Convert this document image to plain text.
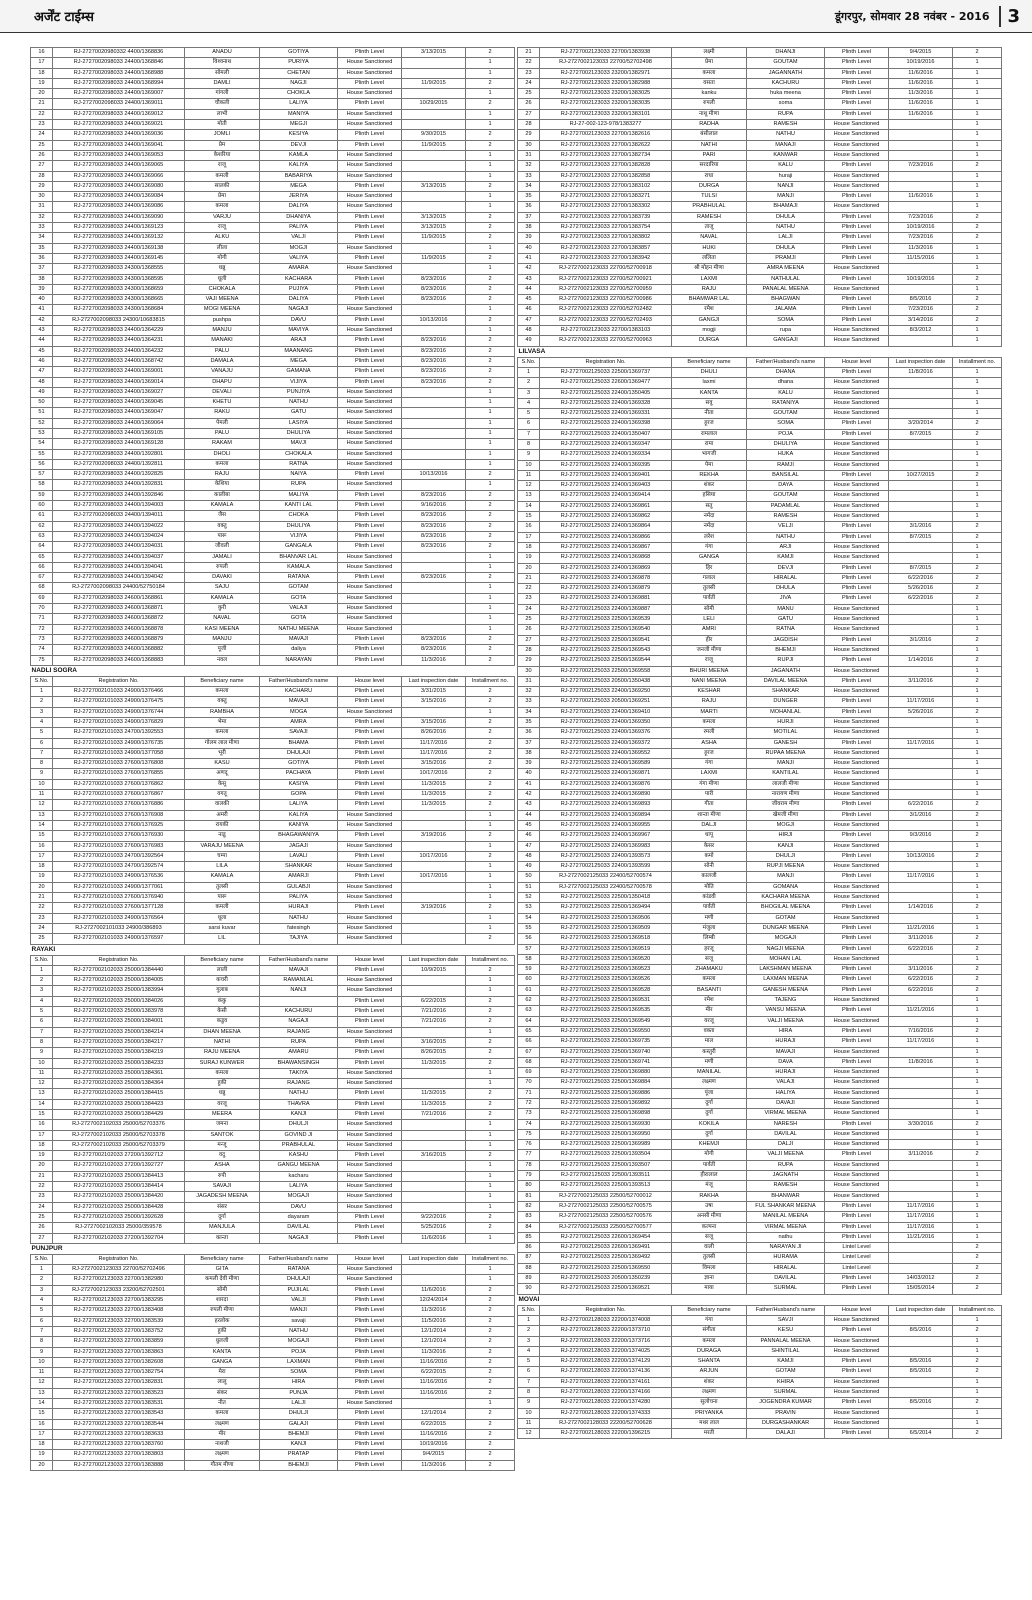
अर्जेंट टाईम्स	डूंगरपुर, सोमवार 28 नवंबर - 2016	3
16	RJ-27270020980332 4400/1368836	ANADU	GOTIYA	Plinth Level	3/13/2015	2
17	RJ-2727002098033 24400/1368846	विश्वनाथ	PURIYA	House Sanctioned		1
18	RJ-2727002098033 24400/1368988	सोमली	CHETAN	House Sanctioned		1
19	RJ-2727002098033 24400/1368994	DAMLI	NAGJI	Plinth Level	11/9/2015	2
20	RJ-2727002098033 24400/1369007	गांगली	CHOKLA	House Sanctioned		1
21	RJ-2727002098033 24400/1369011	चौकली	LALIYA	Plinth Level	10/29/2015	2
22	RJ-2727002098033 24400/1369012	लाभी	MANIYA	House Sanctioned		1
23	RJ-2727002098033 24400/1369021	मोती	MEGJI	House Sanctioned		1
24	RJ-2727002098033 24400/1369036	JOMLI	KESIYA	Plinth Level	9/30/2015	2
25	RJ-2727002098033 24400/1369041	प्रेम	DEVJI	Plinth Level	11/9/2015	2
26	RJ-2727002098033 24400/1369053	केशरिया	KAMLA	House Sanctioned		1
27	RJ-2727002098033 24400/1369065	राजू	KALIYA	House Sanctioned		1
28	RJ-2727002098033 24400/1369066	कमली	BABARIYA	House Sanctioned		1
29	RJ-2727002098033 24400/1369080	सालकी	MEGA	Plinth Level	3/13/2015	2
30	RJ-2727002098033 24400/1369084	प्रेमा	JERIYA	House Sanctioned		1
31	RJ-2727002098033 24400/1369086	कमला	DALIYA	House Sanctioned		1
32	RJ-2727002098033 24400/1369090	VARJU	DHANIYA	Plinth Level	3/13/2015	2
33	RJ-2727002098033 24400/1369123	राजू	PALIYA	Plinth Level	3/13/2015	2
34	RJ-2727002098033 24400/1369132	ALKU	VALJI	Plinth Level	11/9/2015	2
35	RJ-2727002098033 24400/1369138	लीला	MOGJI	House Sanctioned		1
36	RJ-2727002098033 24400/1369145	मोगी	VALIYA	Plinth Level	11/9/2015	2
37	RJ-2727002098033 24300/1368555	धन्नु	AMARA	House Sanctioned		1
38	RJ-2727002098033 24300/1368595	धूली	KACHARA	Plinth Level	8/23/2016	2
39	RJ-2727002098033 24300/1368659	CHOKALA	PUJIYA	Plinth Level	8/23/2016	2
40	RJ-2727002098033 24300/1368665	VAJI MEENA	DALIYA	Plinth Level	8/23/2016	2
41	RJ-2727002098033 24300/1368684	MOGI MEENA	NAGAJI	House Sanctioned		1
42	RJ-2727002098033 24300/10683815	pushpa	DAVU	Plinth Level	10/13/2016	2
43	RJ-2727002098033 24400/1364229	MANJU	MAVIYA	House Sanctioned		1
44	RJ-2727002098033 24400/1364231	MANAKI	ARAJI	Plinth Level	8/23/2016	2
45	RJ-2727002098033 24400/1364232	PALU	MAANANG	Plinth Level	8/23/2016	2
46	RJ-2727002098033 24400/1368742	DAMALA	MEGA	Plinth Level	8/23/2016	2
47	RJ-2727002098033 24400/1369001	VANAJU	GAMANA	Plinth Level	8/23/2016	2
48	RJ-2727002098033 24400/1369014	DHAPU	VIJIYA	Plinth Level	8/23/2016	2
49	RJ-2727002098033 24400/1369027	DEVALI	PUNJIYA	House Sanctioned		1
50	RJ-2727002098033 24400/1369045	KHETU	NATHU	House Sanctioned		1
51	RJ-2727002098033 24400/1369047	RAKU	GATU	House Sanctioned		1
52	RJ-2727002098033 24400/1369064	पेमली	LASIYA	House Sanctioned		1
53	RJ-2727002098033 24400/1369105	PALU	DHULIYA	House Sanctioned		1
54	RJ-2727002098033 24400/1369128	RAKAM	MAVJI	House Sanctioned		1
55	RJ-2727002098033 24400/1392801	DHOLI	CHOKALA	House Sanctioned		1
56	RJ-2727002098033 24400/1392811	कमला	RATNA	House Sanctioned		1
57	RJ-2727002098033 24400/1392825	RAJU	NAIYA	Plinth Level	10/13/2016	2
58	RJ-2727002098033 24400/1392831	केशिया	RUPA	House Sanctioned		1
59	RJ-2727002098033 24400/1392846	कालीबा	MALIYA	Plinth Level	8/23/2016	2
60	RJ-2727002098033 24400/1394003	KAMALA	KANTI LAL	Plinth Level	9/16/2016	2
61	RJ-2727002098033 24400/1394011	जैस	CHOKA	Plinth Level	8/23/2016	2
62	RJ-2727002098033 24400/1394022	वक्तु	DHULIYA	Plinth Level	8/23/2016	2
63	RJ-2727002098033 24400/1394024	पारू	VIJIYA	Plinth Level	8/23/2016	2
64	RJ-2727002098033 24400/1394031	जीवली	GANGALA	Plinth Level	8/23/2016	2
65	RJ-2727002098033 24400/1394037	JAMALI	BHANVAR LAL	House Sanctioned		1
66	RJ-2727002098033 24400/1394041	रुपली	KAMALA	House Sanctioned		1
67	RJ-2727002098033 24400/1394042	DAVAKI	RATANA	Plinth Level	8/23/2016	2
68	RJ-2727002098033 24400/52750184	SAJU	GOTAM	House Sanctioned		1
69	RJ-2727002098033 24600/1368861	KAMALA	GOTA	House Sanctioned		1
70	RJ-2727002098033 24600/1368871	कुरी	VALAJI	House Sanctioned		1
71	RJ-2727002098033 24600/1368872	NAVAL	GOTA	House Sanctioned		1
72	RJ-2727002098033 24600/1368878	KASI MEENA	NATHU MEENA	House Sanctioned		1
73	RJ-2727002098033 24600/1368879	MANJU	MAVAJI	Plinth Level	8/23/2016	2
74	RJ-2727002098033 24600/1368882	पूजी	daliya	Plinth Level	8/23/2016	2
75	RJ-2727002098033 24600/1368883	नवल	NARAYAN	Plinth Level	11/3/2016	2
NADLI SOGRA						
S.No.	Registration No.	Beneficiary name	Father/Husband's name	House level	Last inspection date	Installment no.
1	RJ-2727002101033 24900/1376466	कमला	KACHARU	Plinth Level	3/31/2015	2
2	RJ-2727002101033 24900/1376475	वक्तु	MAVAJI	Plinth Level	3/15/2016	2
3	RJ-2727002101033 24900/1376744	RAMBHA	MOGA	House Sanctioned		1
4	RJ-2727002101033 24900/1376829	भेमा	AMRA	Plinth Level	3/15/2016	2
5	RJ-2727002101033 24700/1392553	कमला	SAVAJI	Plinth Level	8/26/2016	2
6	RJ-2727002101033 24900/1376735	गोलम लाल मीणा	BHAMA	Plinth Level	11/17/2016	2
7	RJ-2727002101033 24900/1377058	भूरी	DHULAJI	Plinth Level	11/17/2016	2
8	RJ-2727002101033 27600/1376808	KASU	GOTIYA	Plinth Level	3/15/2016	2
9	RJ-2727002101033 27600/1376855	अणदू	PACHAYA	Plinth Level	10/17/2016	2
10	RJ-2727002101033 27600/1376862	केसू	KASIYA	Plinth Level	11/3/2015	2
11	RJ-2727002101033 27600/1376867	वगतू	GOPA	Plinth Level	11/3/2015	2
12	RJ-2727002101033 27600/1376886	वालकी	LALIYA	Plinth Level	11/3/2015	2
13	RJ-2727002101033 27600/1376908	अमरी	KALIYA	House Sanctioned		1
14	RJ-2727002101033 27600/1376925	रायकी	KANIYA	House Sanctioned		1
15	RJ-2727002101033 27600/1376930	नाडू	BHAGAWANIYA	Plinth Level	3/19/2016	2
16	RJ-2727002101033 27600/1376983	VARAJU MEENA	JAGAJI	House Sanctioned		1
17	RJ-2727002101033 24700/1392564	चम्पा	LAVALI	Plinth Level	10/17/2016	2
18	RJ-2727002101033 24700/1392574	LILA	SHANKAR	House Sanctioned		1
19	RJ-2727002101033 24900/1376536	KAMALA	AMARJI	Plinth Level	10/17/2016	1
20	RJ-2727002101033 24900/1377061	तुलसी	GULABJI	House Sanctioned		1
21	RJ-2727002101033 27600/1376940	पारू	PALIYA	House Sanctioned		1
22	RJ-2727002101033 27600/1377128	कमली	HURAJI	Plinth Level	3/19/2016	2
23	RJ-2727002101033 24900/1376564	धूला	NATHU	House Sanctioned		1
24	RJ-2727002101033 24900/386893	sarsi kuvar	fatesingh	House Sanctioned		1
25	RJ-2727002101033 24900/1376597	LIL	TAJIYA	House Sanctioned		2
RAYAKI						
S.No.	Registration No.	Beneficiary name	Father/Husband's name	House level	Last inspection date	Installment no.
1	RJ-2727002102033 25000/1384440	लाली	MAVAJI	Plinth Level	10/9/2015	2
2	RJ-2727002102033 25000/1384005	कचरी	RAMANLAL	House Sanctioned		1
3	RJ-2727002102033 25000/1383994	गुलाब	NANJI	House Sanctioned		1
4	RJ-2727002102033 25000/1384026	कंकु		Plinth Level	6/22/2015	2
5	RJ-2727002102033 25000/1383978	केसी	KACHURU	Plinth Level	7/21/2016	2
6	RJ-2727002102033 25000/1384001	कडुव	NAGAJI	Plinth Level	7/21/2016	2
7	RJ-2727002102033 25000/1384214	DHAN MEENA	RAJANG	House Sanctioned		1
8	RJ-2727002102033 25000/1384217	NATHI	RUPA	Plinth Level	3/16/2015	2
9	RJ-2727002102033 25000/1384219	RAJU MEENA	AMARU	Plinth Level	8/26/2015	2
10	RJ-2727002102033 25000/1384233	SURAJ KUNWER	BHAWANSINGH	Plinth Level	11/3/2015	2
11	RJ-2727002102033 25000/1384361	कमला	TAKIYA	House Sanctioned		1
12	RJ-2727002102033 25000/1384364	हुकी	RAJANG	House Sanctioned		1
13	RJ-2727002102033 25000/1384415	धन्नु	NATHU	Plinth Level	11/3/2015	2
14	RJ-2727002102033 25000/1384423	वरजू	THAVRA	Plinth Level	11/3/2015	2
15	RJ-2727002102033 25000/1384429	MEERA	KANJI	Plinth Level	7/21/2016	2
16	RJ-2727002102033 25000/52703376	जमना	DHULJI	House Sanctioned		1
17	RJ-2727002102033 25000/52703378	SANTOK	GOVIND JI	House Sanctioned		1
18	RJ-2727002102033 25000/52703379	मन्जू	PRABHULAL	House Sanctioned		1
19	RJ-2727002102033 27200/1392712	वदु	KASHU	Plinth Level	3/16/2015	2
20	RJ-2727002102033 27200/1392727	ASHA	GANGU MEENA	House Sanctioned		1
21	RJ-2727002102033 25000/1384413	रुपी	kacharu	House Sanctioned		1
22	RJ-2727002102033 25000/1384414	SAVAJI	LALIYA	House Sanctioned		1
23	RJ-2727002102033 25000/1384420	JAGADESH MEENA	MOGAJI	House Sanctioned		1
24	RJ-2727002102033 25000/1384428	संसर	DAVU	House Sanctioned		1
25	RJ-2727002102033 25000/1392628	दुर्गा	dayaram	Plinth Level	9/22/2016	2
26	RJ-2727002102033 25000/359578	MANJULA	DAVILAL	Plinth Level	5/25/2016	2
27	RJ-2727002102033 27200/1392704	कान्ता	NAGAJI	Plinth Level	11/6/2016	1
PUNJPUR						
S.No.	Registration No.	Beneficiary name	Father/Husband's name	House level	Last inspection date	Installment no.
1	RJ-2727002123033 22700/52702496	GITA	RATANA	House Sanctioned		1
2	RJ-2727002123033 22700/1382980	कमली देवी मीणा	DHULAJI	House Sanctioned		1
3	RJ-2727002123033 23200/52702501	सोमी	PUJILAL	Plinth Level	11/6/2016	2
4	RJ-2727002123033 22700/1383295	शारदा	VALJI	Plinth Level	12/24/2014	2
5	RJ-2727002123033 22700/1383408	रुपली मीणा	MANJI	Plinth Level	11/3/2016	2
6	RJ-2727002123033 22700/1383539	हरलोक	savaji	Plinth Level	11/5/2016	2
7	RJ-2727002123033 22700/1383752	हुकी	NATHU	Plinth Level	12/1/2014	2
8	RJ-2727002123033 22700/1383859	धुलजी	MOGAJI	Plinth Level	12/1/2014	2
9	RJ-2727002123033 22700/1383863	KANTA	POJA	Plinth Level	11/3/2016	2
10	RJ-2727002123033 22700/1382608	GANGA	LAXMAN	Plinth Level	11/16/2016	2
11	RJ-2727002123033 22700/1382754	मेरा	SOMA	Plinth Level	6/22/2015	2
12	RJ-2727002123033 22700/1382831	लालू	HIRA	Plinth Level	11/16/2016	2
13	RJ-2727002123033 22700/1383523	संकर	PUNJA	Plinth Level	11/16/2016	2
14	RJ-2727002123033 22700/1383531	नीत	LALJI	House Sanctioned		1
15	RJ-2727002123033 22700/1383543	कमला	DHULJI	Plinth Level	12/1/2014	2
16	RJ-2727002123033 22700/1383544	लक्ष्मण	GALAJI	Plinth Level	6/22/2015	2
17	RJ-2727002123033 22700/1383633	मीर	BHEMJI	Plinth Level	11/16/2016	2
18	RJ-2727002123033 22700/1383760	नाथजी	KANJI	Plinth Level	10/19/2016	2
19	RJ-2727002123033 22700/1383803	लक्ष्मण	PRATAP	Plinth Level	9/4/2015	2
20	RJ-2727002123033 22700/1383888	गौतम मीणा	BHEMJI	Plinth Level	11/3/2016	2
21	RJ-2727002123033 22700/1383938	लक्ष्मी	DHANJI	Plinth Level	9/4/2015	2
22	RJ-2727002123033 22700/52702498	प्रेमा	GOUTAM	Plinth Level	10/19/2016	1
23	RJ-2727002123033 23200/1382971	कमला	JAGANNATH	Plinth Level	11/6/2016	1
24	RJ-2727002123033 23200/1382988	वसता	KACHURU	Plinth Level	11/6/2016	1
25	RJ-2727002123033 23200/1383025	kanku	huka meena	Plinth Level	11/3/2016	1
26	RJ-2727002123033 23200/1383035	रुपली	soma	Plinth Level	11/6/2016	1
27	RJ-2727002123033 23200/1383101	नाथू मीणा	RUPA	Plinth Level	11/6/2016	1
28	RJ-27-002-123-978/1383277	RADHA	RAMESH	House Sanctioned		1
29	RJ-2727002123033 22700/1382616	बंसीलाल	NATHU	House Sanctioned		1
30	RJ-2727002123033 22700/1382622	NATHI	MANAJI	House Sanctioned		1
31	RJ-2727002123033 22700/1382734	PARI	KANWAR	House Sanctioned		1
32	RJ-2727002123033 22700/1382828	सरदारिया	KALU	Plinth Level	7/23/2016	2
33	RJ-2727002123033 22700/1382858	राधा	huraji	House Sanctioned		1
34	RJ-2727002123033 22700/1383102	DURGA	NANJI	House Sanctioned		1
35	RJ-2727002123033 22700/1383271	TULSI	MANJI	Plinth Level	11/6/2016	1
36	RJ-2727002123033 22700/1383302	PRABHULAL	BHAMAJI	House Sanctioned		1
37	RJ-2727002123033 22700/1383739	RAMESH	DHULA	Plinth Level	7/23/2016	2
38	RJ-2727002123033 22700/1383754	ताजू	NATHU	Plinth Level	10/19/2016	2
39	RJ-2727002123033 22700/1383802	NAVAL	LALJI	Plinth Level	7/23/2016	2
40	RJ-2727002123033 22700/1383857	HUKI	DHULA	Plinth Level	11/3/2016	1
41	RJ-2727002123033 22700/1383942	ललिता	PRAMJI	Plinth Level	11/15/2016	1
42	RJ-2727002123033 22700/52700918	श्री मोहन मीणा	AMRA MEENA	House Sanctioned		1
43	RJ-2727002123033 22700/52700921	LAXMI	NATHULAL	Plinth Level	10/19/2016	2
44	RJ-2727002123033 22700/52700959	RAJU	PANALAL MEENA	House Sanctioned		1
45	RJ-2727002123033 22700/52700986	BHAMWAR LAL	BHAGWAN	Plinth Level	8/5/2016	2
46	RJ-2727002123033 22700/52702482	रमेश	JALAMA	Plinth Level	7/23/2016	2
47	RJ-2727002123033 22700/52702493	GANGJI	SOMA	Plinth Level	3/14/2016	2
48	RJ-2727002123033 22700/1383103	mogji	rupa	House Sanctioned	8/3/2012	1
49	RJ-2727002123033 22700/52700963	DURGA	GANGAJI	House Sanctioned		1
LILVASA						
S.No.	Registration No.	Beneficiary name	Father/Husband's name	House level	Last inspection date	Installment no.
1	RJ-2727002125033 22500/1369737	DHULI	DHANA	Plinth Level	11/8/2016	1
2	RJ-2727002125033 22600/1369477	laxmi	dhana	House Sanctioned		1
3	RJ-2727002125033 22400/1350405	KANTA	KALU	House Sanctioned		1
4	RJ-2727002125033 22400/1369328	सवु	RATANIYA	House Sanctioned		1
5	RJ-2727002125033 22400/1369331	नीता	GOUTAM	House Sanctioned		1
6	RJ-2727002125033 22400/1369398	हूरज	SOMA	Plinth Level	3/20/2014	2
7	RJ-2727002125033 22400/1350407	रामलाल	POJA	Plinth Level	8/7/2015	2
8	RJ-2727002125033 22400/1369347	रामा	DHULIYA	House Sanctioned		1
9	RJ-2727002125033 22400/1369334	भागजी	HUKA	House Sanctioned		1
10	RJ-2727002125033 22400/1369395	पेमा	RAMJI	House Sanctioned		1
11	RJ-2727002125033 22400/1369401	REKHA	BANSILAL	Plinth Level	10/27/2015	2
12	RJ-2727002125033 22400/1369403	शंकर	DAYA	House Sanctioned		1
13	RJ-2727002125033 22400/1369414	हसिया	GOUTAM	House Sanctioned		1
14	RJ-2727002125033 22400/1369861	सतु	PADAMLAL	House Sanctioned		1
15	RJ-2727002125033 22400/1369862	नर्मदा	RAMESH	House Sanctioned		1
16	RJ-2727002125033 22400/1369864	नर्मदा	VELJI	Plinth Level	3/1/2016	2
17	RJ-2727002125033 22400/1369866	लरेश	NATHU	Plinth Level	8/7/2015	2
18	RJ-2727002125033 22400/1369867	गंगा	ARJI	House Sanctioned		1
19	RJ-2727002125033 22400/1369868	GANGA	KAMJI	House Sanctioned		1
20	RJ-2727002125033 22400/1369869	हिर	DEVJI	Plinth Level	8/7/2015	2
21	RJ-2727002125033 22400/1369878	गलाल	HIRALAL	Plinth Level	6/22/2016	2
22	RJ-2727002125033 22400/1369879	तुलसी	DHULA	Plinth Level	5/26/2016	2
23	RJ-2727002125033 22400/1369881	पार्वती	JIVA	Plinth Level	6/22/2016	2
24	RJ-2727002125033 22400/1369887	सोमी	MANU	House Sanctioned		1
25	RJ-2727002125033 22500/1369539	LELI	GATU	House Sanctioned		1
26	RJ-2727002125033 22500/1369540	AMRI	RATNA	House Sanctioned		1
27	RJ-2727002125033 22500/1369541	हीर	JAGDISH	Plinth Level	3/1/2016	2
28	RJ-2727002125033 22500/1369543	जनजी मीणा	BHEMJI	House Sanctioned		1
29	RJ-2727002125033 22500/1369544	राजू	RUPJI	Plinth Level	1/14/2016	2
30	RJ-2727002125033 22500/1369558	BHURI MEENA	JAGANATH	House Sanctioned		1
31	RJ-2727002125033 20500/1350438	NANI MEENA	DAVILAL MEENA	Plinth Level	3/11/2016	2
32	RJ-2727002125033 22400/1369250	KESHAR	SHANKAR	House Sanctioned		1
33	RJ-2727002125033 20500/1369251	RAJU	DUNGER	Plinth Level	11/17/2016	1
34	RJ-2727002125033 22400/1369410	MARTI	MOHANLAL	Plinth Level	5/26/2016	2
35	RJ-2727002125033 22400/1369350	कमला	HURJI	House Sanctioned		1
36	RJ-2727002125033 22400/1369376	रमली	MOTILAL	House Sanctioned		1
37	RJ-2727002125033 22400/1369372	ASHA	GANESH	Plinth Level	11/17/2016	1
38	RJ-2727002125033 22400/1369552	हूरज	RUPAA MEENA	House Sanctioned		1
39	RJ-2727002125033 22400/1369589	गंगा	MANJI	House Sanctioned		1
40	RJ-2727002125033 22400/1369871	LAXMI	KANTILAL	House Sanctioned		1
41	RJ-2727002125033 22400/1369876	गंगा मीणा	लालजी मीणा	House Sanctioned		1
42	RJ-2727002125033 22400/1369890	पारी	नारायण मीणा	House Sanctioned		1
43	RJ-2727002125033 22400/1369893	गीता	जीवराम मीणा	Plinth Level	6/22/2016	2
44	RJ-2727002125033 22400/1369894	शान्ता मीणा	खेमजी मीणा	Plinth Level	3/1/2016	2
45	RJ-2727002125033 22400/1369955	DALJI	MOGJI	House Sanctioned		1
46	RJ-2727002125033 22400/1369967	धापू	HIRJI	Plinth Level	9/3/2016	2
47	RJ-2727002125033 22400/1369983	केसर	KANJI	House Sanctioned		1
48	RJ-2727002125033 22400/1393573	कमो	DHULJI	Plinth Level	10/13/2016	2
49	RJ-2727002125033 22400/1393599	सोनी	RUPJI MEENA	House Sanctioned		1
50	RJ-2727002125033 22400/52700574	कालजी	MANJI	Plinth Level	11/17/2016	1
51	RJ-2727002125033 22400/52700578	मोति	GOMANA	House Sanctioned		1
52	RJ-2727002125033 22500/1350418	कांडवी	KACHARA MEENA	House Sanctioned		1
53	RJ-2727002125033 22500/1369494	पार्वती	BHOGILAL MEENA	Plinth Level	1/14/2016	2
54	RJ-2727002125033 22500/1369506	मणी	GOTAM	House Sanctioned		1
55	RJ-2727002125033 22500/1369509	मंजुला	DUNGAR MEENA	Plinth Level	11/21/2016	1
56	RJ-2727002125033 22500/1369518	लिम्बी	MOGAJI	Plinth Level	3/11/2016	2
57	RJ-2727002125033 22500/1369519	हरजू	NAGJI MEENA	Plinth Level	6/22/2016	2
58	RJ-2727002125033 22500/1369520	सजू	MOHAN LAL	House Sanctioned		1
59	RJ-2727002125033 22500/1369523	ZHAMAKU	LAKSHMAN MEENA	Plinth Level	3/11/2016	2
60	RJ-2727002125033 22500/1369526	कमला	LAXMAN MEENA	Plinth Level	6/22/2016	2
61	RJ-2727002125033 22500/1369528	BASANTI	GANESH MEENA	Plinth Level	6/22/2016	2
62	RJ-2727002125033 22500/1369531	रमेश	TAJENG	House Sanctioned		1
63	RJ-2727002125033 22500/1369535	मीर	VANSU MEENA	Plinth Level	11/21/2016	1
64	RJ-2727002125033 22500/1369549	वरजू	VALJI MEENA	House Sanctioned		1
65	RJ-2727002125033 22500/1369550	वक्ता	HIRA	Plinth Level	7/16/2016	2
66	RJ-2727002125033 22500/1369735	माल	HURAJI	Plinth Level	11/17/2016	1
67	RJ-2727002125033 22500/1369740	कस्तुरी	MAVAJI	House Sanctioned		1
68	RJ-2727002125033 22500/1369741	मणी	DAVA	Plinth Level	11/8/2016	1
69	RJ-2727002125033 22500/1369880	MANILAL	HURAJI	House Sanctioned		1
70	RJ-2727002125033 22500/1369884	लक्ष्मण	VALAJI	House Sanctioned		1
71	RJ-2727002125033 22500/1369886	पूंजा	HALIYA	House Sanctioned		1
72	RJ-2727002125033 22500/1369892	दुर्गा	DAVAJI	House Sanctioned		1
73	RJ-2727002125033 22500/1369898	दुर्गा	VIRMAL MEENA	House Sanctioned		1
74	RJ-2727002125033 22500/1369930	KOKILA	NARESH	Plinth Level	3/30/2016	2
75	RJ-2727002125033 22500/1369950	दुर्गा	DAVILAL	House Sanctioned		1
76	RJ-2727002125033 22500/1369989	KHEMJI	DALJI	House Sanctioned		1
77	RJ-2727002125033 22500/1393504	मोगी	VALJI MEENA	Plinth Level	3/11/2016	2
78	RJ-2727002125033 22500/1393507	पार्वती	RUPA	House Sanctioned		1
79	RJ-2727002125033 22500/1393511	हीरालाल	JAGNATH	House Sanctioned		1
80	RJ-2727002125033 22500/1393513	मंजू	RAMESH	House Sanctioned		1
81	RJ-2727002125033 22500/52700012	RAKHA	BHANWAR	House Sanctioned		1
82	RJ-2727002125033 22500/52700575	उषा	FUL SHANKAR MEENA	Plinth Level	11/17/2016	1
83	RJ-2727002125033 22500/52700576	अनसी मीणा	MANILAL MEENA	Plinth Level	11/17/2016	1
84	RJ-2727002125033 22500/52700577	कल्पना	VIRMAL MEENA	Plinth Level	11/17/2016	1
85	RJ-2727002125033 22600/1369454	सजू	nathu	Plinth Level	11/21/2016	1
86	RJ-2727002125033 22600/1369491	वाली	NARAYAN JI	Lintel Level		2
87	RJ-2727002125033 22500/1369492	तुलसी	HURAMA	Lintel Level		2
88	RJ-2727002125033 22500/1369550	विमला	HIRALAL	Lintel Level		2
89	RJ-2727002125033 20500/1350239	ज्ञाना	DAVILAL	Plinth Level	14/03/2012	2
90	RJ-2727002125033 22500/1369521	माया	SURMAL	Plinth Level	15/05/2014	2
MOVAI						
S.No.	Registration No.	Beneficiary name	Father/Husband's name	House level	Last inspection date	Installment no.
1	RJ-2727002128033 22200/1374008	गंगा	SAVJI	House Sanctioned		1
2	RJ-2727002128033 22200/1373710	संगीता	KESU	Plinth Level	8/5/2016	2
3	RJ-2727002128033 22200/1373716	कमला	PANNALAL MEENA	House Sanctioned		1
4	RJ-2727002128033 22200/1374025	DURAGA	SHINTILAL	House Sanctioned		1
5	RJ-2727002128033 22200/1374129	SHANTA	KAMJI	Plinth Level	8/5/2016	2
6	RJ-2727002128033 22200/1374136	ARJUN	GOTAM	Plinth Level	8/5/2016	2
7	RJ-2727002128033 22200/1374161	शंकर	KHIRA	House Sanctioned		1
8	RJ-2727002128033 22200/1374166	लक्ष्मण	SURMAL	House Sanctioned		1
9	RJ-2727002128033 22200/1374280	सुलोचना	JOGENDRA KUMAR	Plinth Level	8/5/2016	2
10	RJ-2727002128033 22200/1374333	PRIYANKA	PRAVIN	House Sanctioned		1
11	RJ-2727002128033 22200/52700628	मथर लाल	DURGASHANKAR	House Sanctioned		1
12	RJ-2727002128033 22200/1396215	मरती	DALAJI	Plinth Level	6/5/2014	2
